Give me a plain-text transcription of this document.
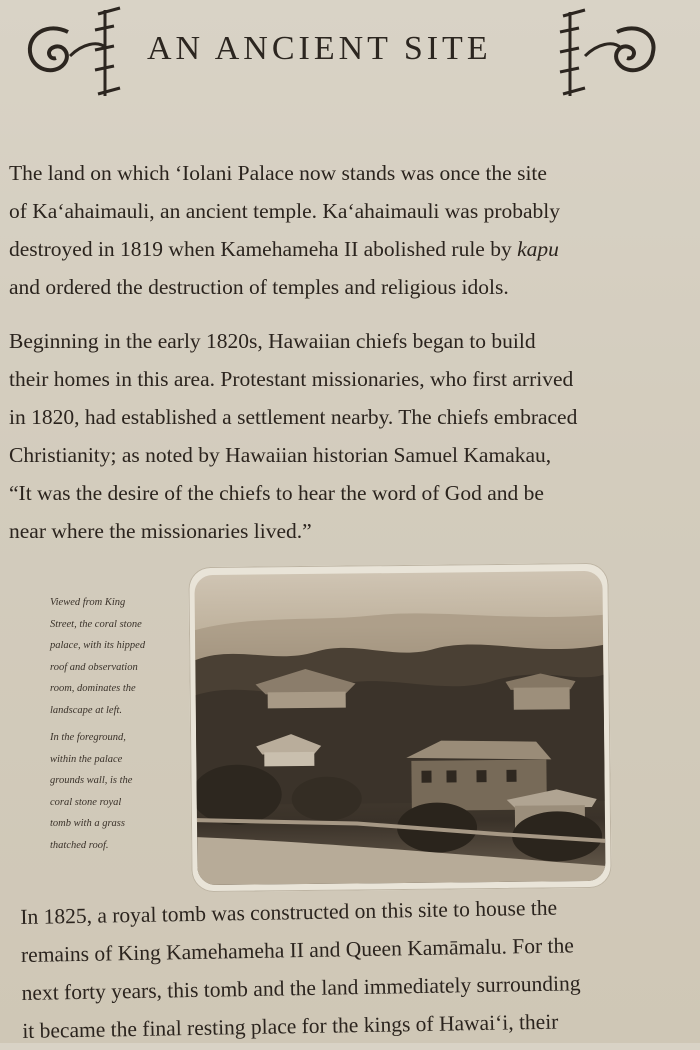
AN ANCIENT SITE
The land on which ‘Iolani Palace now stands was once the site
of Ka‘ahaimauli, an ancient temple. Ka‘ahaimauli was probably
destroyed in 1819 when Kamehameha II abolished rule by kapu
and ordered the destruction of temples and religious idols.
Beginning in the early 1820s, Hawaiian chiefs began to build
their homes in this area. Protestant missionaries, who first arrived
in 1820, had established a settlement nearby. The chiefs embraced
Christianity; as noted by Hawaiian historian Samuel Kamakau,
“It was the desire of the chiefs to hear the word of God and be
near where the missionaries lived.”
Viewed from King
Street, the coral stone
palace, with its hipped
roof and observation
room, dominates the
landscape at left.
In the foreground,
within the palace
grounds wall, is the
coral stone royal
tomb with a grass
thatched roof.
In 1825, a royal tomb was constructed on this site to house the
remains of King Kamehameha II and Queen Kamāmalu. For the
next forty years, this tomb and the land immediately surrounding
it became the final resting place for the kings of Hawai‘i, their
